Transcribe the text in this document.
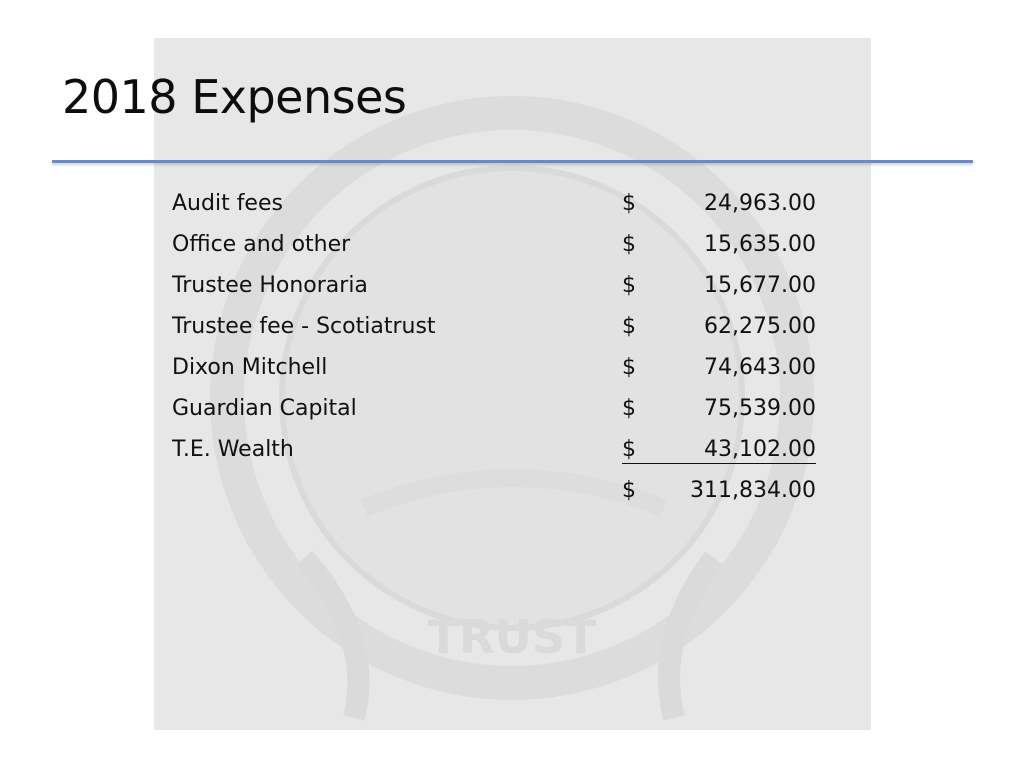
TRUST
2018 Expenses
Audit fees	$	24,963.00
Office and other	$	15,635.00
Trustee Honoraria	$	15,677.00
Trustee fee - Scotiatrust	$	62,275.00
Dixon Mitchell	$	74,643.00
Guardian Capital	$	75,539.00
T.E. Wealth	$	43,102.00
$ 311,834.00
